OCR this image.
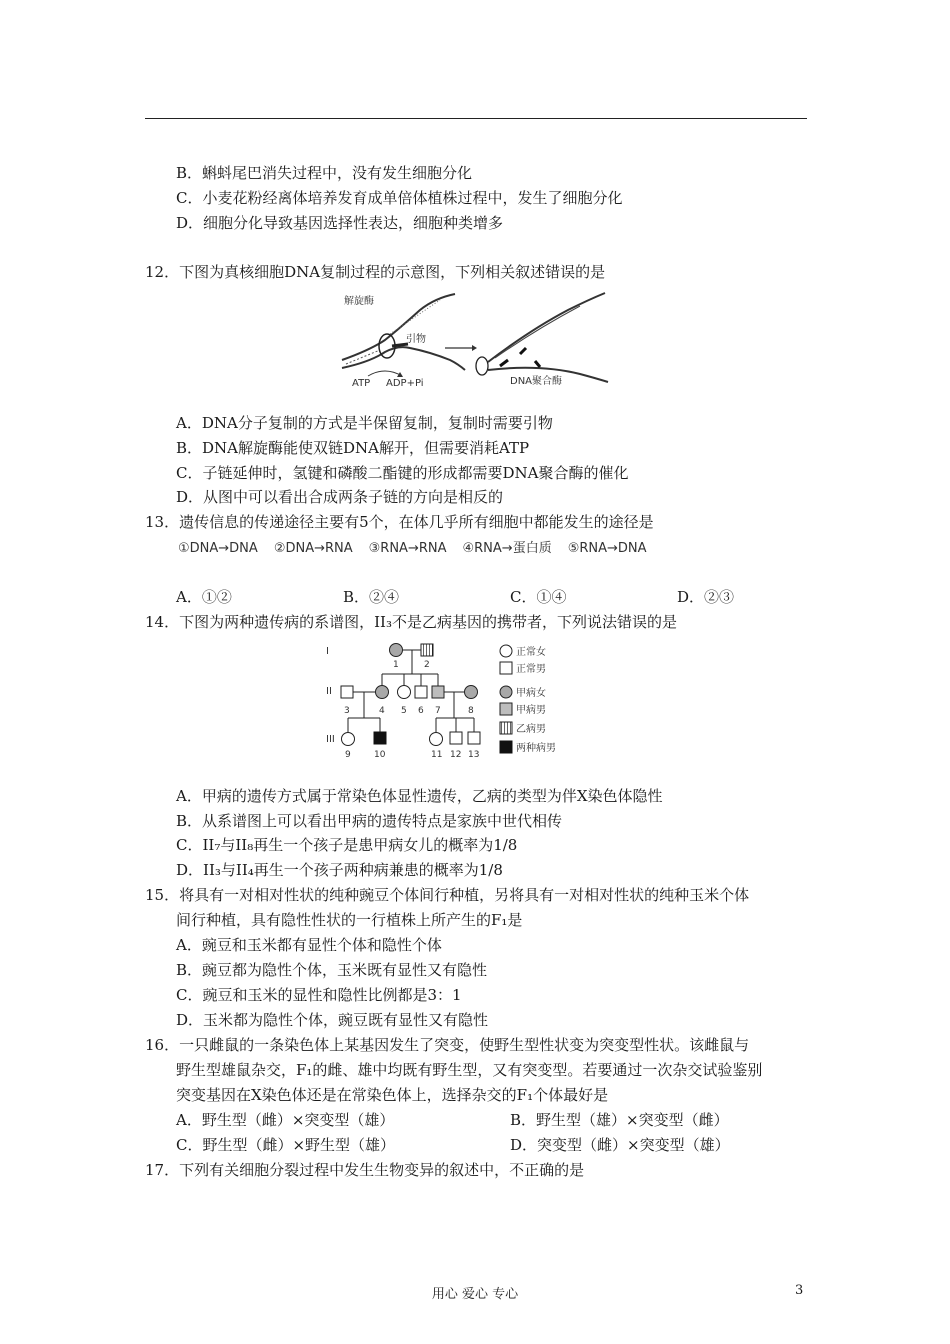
B．蝌蚪尾巴消失过程中，没有发生细胞分化
C．小麦花粉经离体培养发育成单倍体植株过程中，发生了细胞分化
D．细胞分化导致基因选择性表达，细胞种类增多
12．下图为真核细胞DNA复制过程的示意图，下列相关叙述错误的是
解旋酶
引物
ATP ADP+Pi	DNA聚合酶
A．DNA分子复制的方式是半保留复制，复制时需要引物
B．DNA解旋酶能使双链DNA解开，但需要消耗ATP
C．子链延伸时，氢键和磷酸二酯键的形成都需要DNA聚合酶的催化
D．从图中可以看出合成两条子链的方向是相反的
13．遗传信息的传递途径主要有5个，在体几乎所有细胞中都能发生的途径是
①DNA→DNA ②DNA→RNA ③RNA→RNA ④RNA→蛋白质 ⑤RNA→DNA
A．①②	B．②④	C．①④	D．②③
14．下图为两种遗传病的系谱图，II₃不是乙病基因的携带者，下列说法错误的是
I
II
III
1	2
3	4 5 6 7	8
9	10	11 12 13
正常女
正常男
甲病女
甲病男
乙病男
两种病男
A．甲病的遗传方式属于常染色体显性遗传，乙病的类型为伴X染色体隐性
B．从系谱图上可以看出甲病的遗传特点是家族中世代相传
C．II₇与II₈再生一个孩子是患甲病女儿的概率为1/8
D．II₃与II₄再生一个孩子两种病兼患的概率为1/8
15．将具有一对相对性状的纯种豌豆个体间行种植，另将具有一对相对性状的纯种玉米个体
间行种植，具有隐性性状的一行植株上所产生的F₁是
A．豌豆和玉米都有显性个体和隐性个体
B．豌豆都为隐性个体，玉米既有显性又有隐性
C．豌豆和玉米的显性和隐性比例都是3：1
D．玉米都为隐性个体，豌豆既有显性又有隐性
16．一只雌鼠的一条染色体上某基因发生了突变，使野生型性状变为突变型性状。该雌鼠与
野生型雄鼠杂交，F₁的雌、雄中均既有野生型，又有突变型。若要通过一次杂交试验鉴别
突变基因在X染色体还是在常染色体上，选择杂交的F₁个体最好是
A．野生型（雌）×突变型（雄）	B．野生型（雄）×突变型（雌）
C．野生型（雌）×野生型（雄）	D．突变型（雌）×突变型（雄）
17．下列有关细胞分裂过程中发生生物变异的叙述中，不正确的是
用心 爱心 专心	3
